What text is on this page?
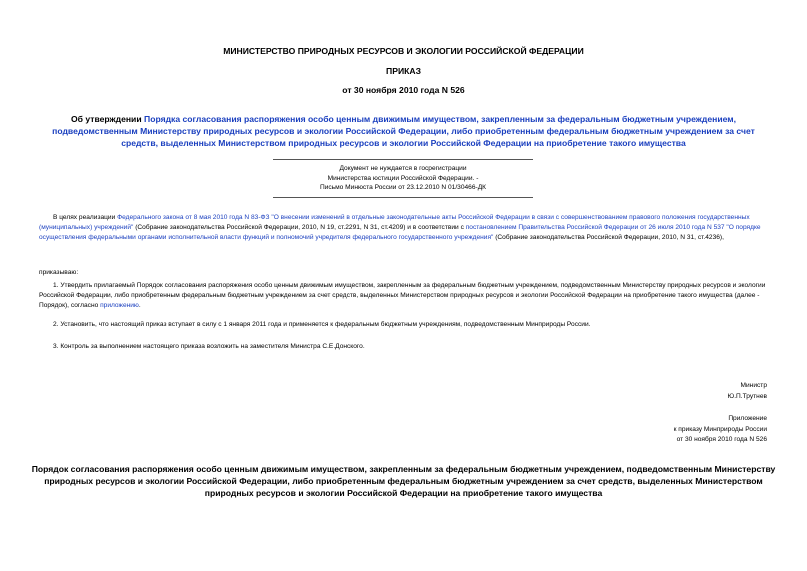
МИНИСТЕРСТВО ПРИРОДНЫХ РЕСУРСОВ И ЭКОЛОГИИ РОССИЙСКОЙ ФЕДЕРАЦИИ
ПРИКАЗ
от 30 ноября 2010 года N 526
Об утверждении Порядка согласования распоряжения особо ценным движимым имуществом, закрепленным за федеральным бюджетным учреждением, подведомственным Министерству природных ресурсов и экологии Российской Федерации, либо приобретенным федеральным бюджетным учреждением за счет средств, выделенных Министерством природных ресурсов и экологии Российской Федерации на приобретение такого имущества
Документ не нуждается в госрегистрации
Министерства юстиции Российской Федерации. -
Письмо Минюста России от 23.12.2010 N 01/30466-ДК
В целях реализации Федерального закона от 8 мая 2010 года N 83-ФЗ "О внесении изменений в отдельные законодательные акты Российской Федерации в связи с совершенствованием правового положения государственных (муниципальных) учреждений" (Собрание законодательства Российской Федерации, 2010, N 19, ст.2291, N 31, ст.4209) и в соответствии с постановлением Правительства Российской Федерации от 26 июля 2010 года N 537 "О порядке осуществления федеральными органами исполнительной власти функций и полномочий учредителя федерального государственного учреждения" (Собрание законодательства Российской Федерации, 2010, N 31, ст.4236),
приказываю:
1. Утвердить прилагаемый Порядок согласования распоряжения особо ценным движимым имуществом, закрепленным за федеральным бюджетным учреждением, подведомственным Министерству природных ресурсов и экологии Российской Федерации, либо приобретенным федеральным бюджетным учреждением за счет средств, выделенных Министерством природных ресурсов и экологии Российской Федерации на приобретение такого имущества (далее - Порядок), согласно приложению.
2. Установить, что настоящий приказ вступает в силу с 1 января 2011 года и применяется к федеральным бюджетным учреждениям, подведомственным Минприроды России.
3. Контроль за выполнением настоящего приказа возложить на заместителя Министра С.Е.Донского.
Министр
Ю.П.Трутнев
Приложение
к приказу Минприроды России
от 30 ноября 2010 года N 526
Порядок согласования распоряжения особо ценным движимым имуществом, закрепленным за федеральным бюджетным учреждением, подведомственным Министерству природных ресурсов и экологии Российской Федерации, либо приобретенным федеральным бюджетным учреждением за счет средств, выделенных Министерством природных ресурсов и экологии Российской Федерации на приобретение такого имущества
